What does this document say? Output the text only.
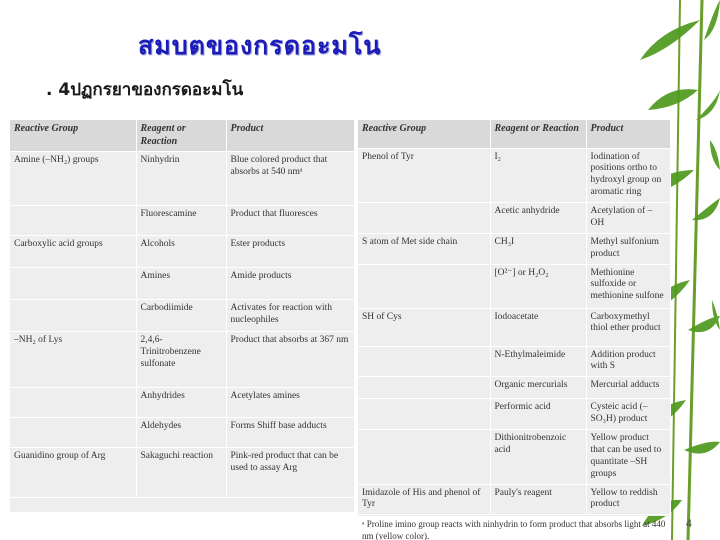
สมบตของกรดอะมโน
. 4ปฏกรยาของกรดอะมโน
Reactive Group	Reagent or Reaction	Product
Amine (–NH₂) groups	Ninhydrin	Blue colored product that absorbs at 540 nmᵃ
	Fluorescamine	Product that fluoresces
Carboxylic acid groups	Alcohols	Ester products
	Amines	Amide products
	Carbodiimide	Activates for reaction with nucleophiles
–NH₂ of Lys	2,4,6-Trinitrobenzene sulfonate	Product that absorbs at 367 nm
	Anhydrides	Acetylates amines
	Aldehydes	Forms Shiff base adducts
Guanidino group of Arg	Sakaguchi reaction	Pink-red product that can be used to assay Arg
Reactive Group	Reagent or Reaction	Product
Phenol of Tyr	I₂	Iodination of positions ortho to hydroxyl group on aromatic ring
	Acetic anhydride	Acetylation of –OH
S atom of Met side chain	CH₃I	Methyl sulfonium product
	[O²⁻] or H₂O₂	Methionine sulfoxide or methionine sulfone
SH of Cys	Iodoacetate	Carboxymethyl thiol ether product
	N-Ethylmaleimide	Addition product with S
	Organic mercurials	Mercurial adducts
	Performic acid	Cysteic acid (–SO₃H) product
	Dithionitrobenzoic acid	Yellow product that can be used to quantitate –SH groups
Imidazole of His and phenol of Tyr	Pauly's reagent	Yellow to reddish product
ᵃ Proline imino group reacts with ninhydrin to form product that absorbs light at 440 nm (yellow color).
4
